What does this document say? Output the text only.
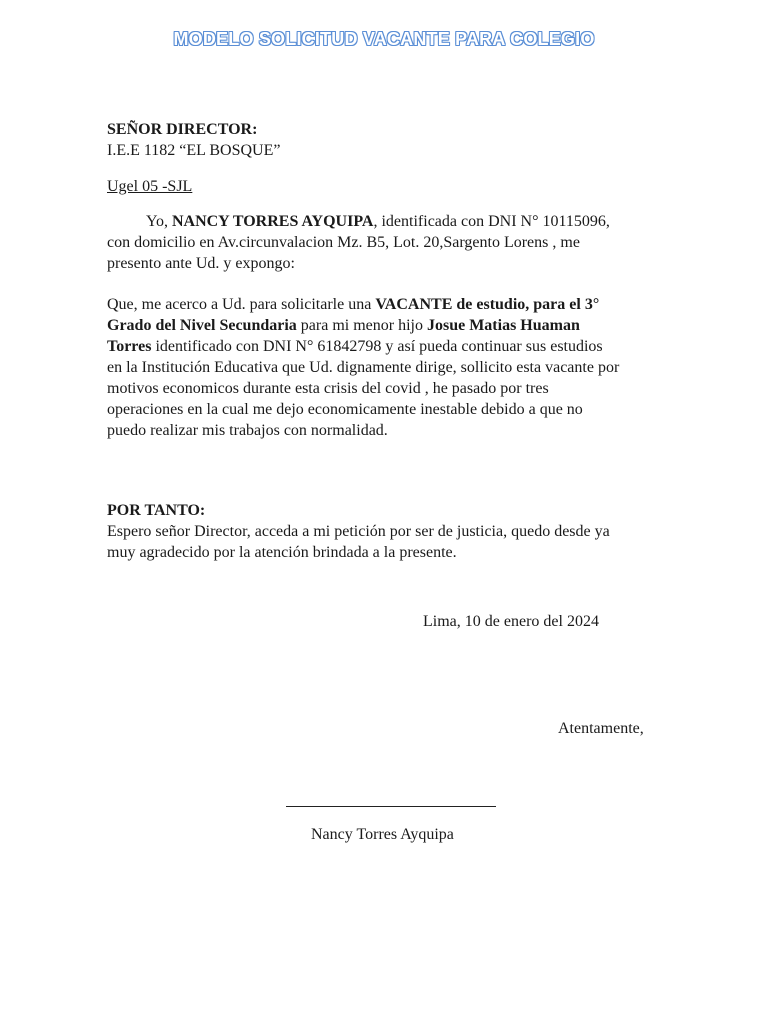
MODELO SOLICITUD VACANTE PARA COLEGIO
SEÑOR DIRECTOR:
I.E.E 1182 “EL BOSQUE”
Ugel 05 -SJL
Yo, NANCY TORRES AYQUIPA, identificada con DNI N° 10115096,
con domicilio en Av.circunvalacion Mz. B5, Lot. 20,Sargento Lorens , me
presento ante Ud. y expongo:
Que, me acerco a Ud. para solicitarle una VACANTE de estudio, para el 3°
Grado del Nivel Secundaria para mi menor hijo Josue Matias Huaman
Torres identificado con DNI N° 61842798 y así pueda continuar sus estudios
en la Institución Educativa que Ud. dignamente dirige, sollicito esta vacante por
motivos economicos durante esta crisis del covid , he pasado por tres
operaciones en la cual me dejo economicamente inestable debido a que no
puedo realizar mis trabajos con normalidad.
POR TANTO:
Espero señor Director, acceda a mi petición por ser de justicia, quedo desde ya
muy agradecido por la atención brindada a la presente.
Lima, 10 de enero del 2024
Atentamente,
Nancy Torres Ayquipa
